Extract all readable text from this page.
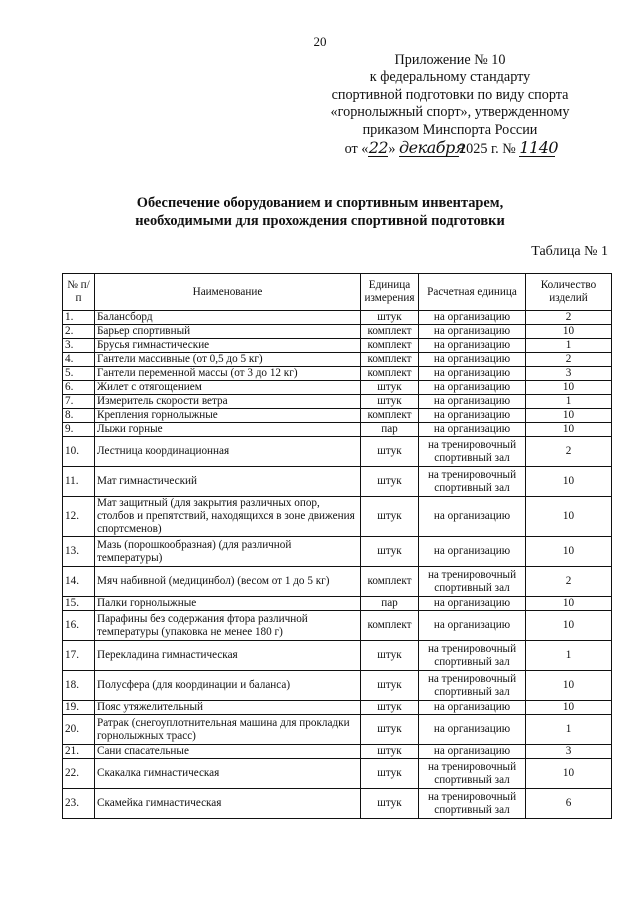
20
Приложение № 10
к федеральному стандарту
спортивной подготовки по виду спорта
«горнолыжный спорт», утвержденному
приказом Минспорта России
от «22» декабря2025 г. № 1140
Обеспечение оборудованием и спортивным инвентарем,
необходимыми для прохождения спортивной подготовки
Таблица № 1
№ п/п	Наименование	Единица измерения	Расчетная единица	Количество изделий
1.	Балансборд	штук	на организацию	2
2.	Барьер спортивный	комплект	на организацию	10
3.	Брусья гимнастические	комплект	на организацию	1
4.	Гантели массивные (от 0,5 до 5 кг)	комплект	на организацию	2
5.	Гантели переменной массы (от 3 до 12 кг)	комплект	на организацию	3
6.	Жилет с отягощением	штук	на организацию	10
7.	Измеритель скорости ветра	штук	на организацию	1
8.	Крепления горнолыжные	комплект	на организацию	10
9.	Лыжи горные	пар	на организацию	10
10.	Лестница координационная	штук	на тренировочный спортивный зал	2
11.	Мат гимнастический	штук	на тренировочный спортивный зал	10
12.	Мат защитный (для закрытия различных опор, столбов и препятствий, находящихся в зоне движения спортсменов)	штук	на организацию	10
13.	Мазь (порошкообразная) (для различной температуры)	штук	на организацию	10
14.	Мяч набивной (медицинбол) (весом от 1 до 5 кг)	комплект	на тренировочный спортивный зал	2
15.	Палки горнолыжные	пар	на организацию	10
16.	Парафины без содержания фтора различной температуры (упаковка не менее 180 г)	комплект	на организацию	10
17.	Перекладина гимнастическая	штук	на тренировочный спортивный зал	1
18.	Полусфера (для координации и баланса)	штук	на тренировочный спортивный зал	10
19.	Пояс утяжелительный	штук	на организацию	10
20.	Ратрак (снегоуплотнительная машина для прокладки горнолыжных трасс)	штук	на организацию	1
21.	Сани спасательные	штук	на организацию	3
22.	Скакалка гимнастическая	штук	на тренировочный спортивный зал	10
23.	Скамейка гимнастическая	штук	на тренировочный спортивный зал	6
